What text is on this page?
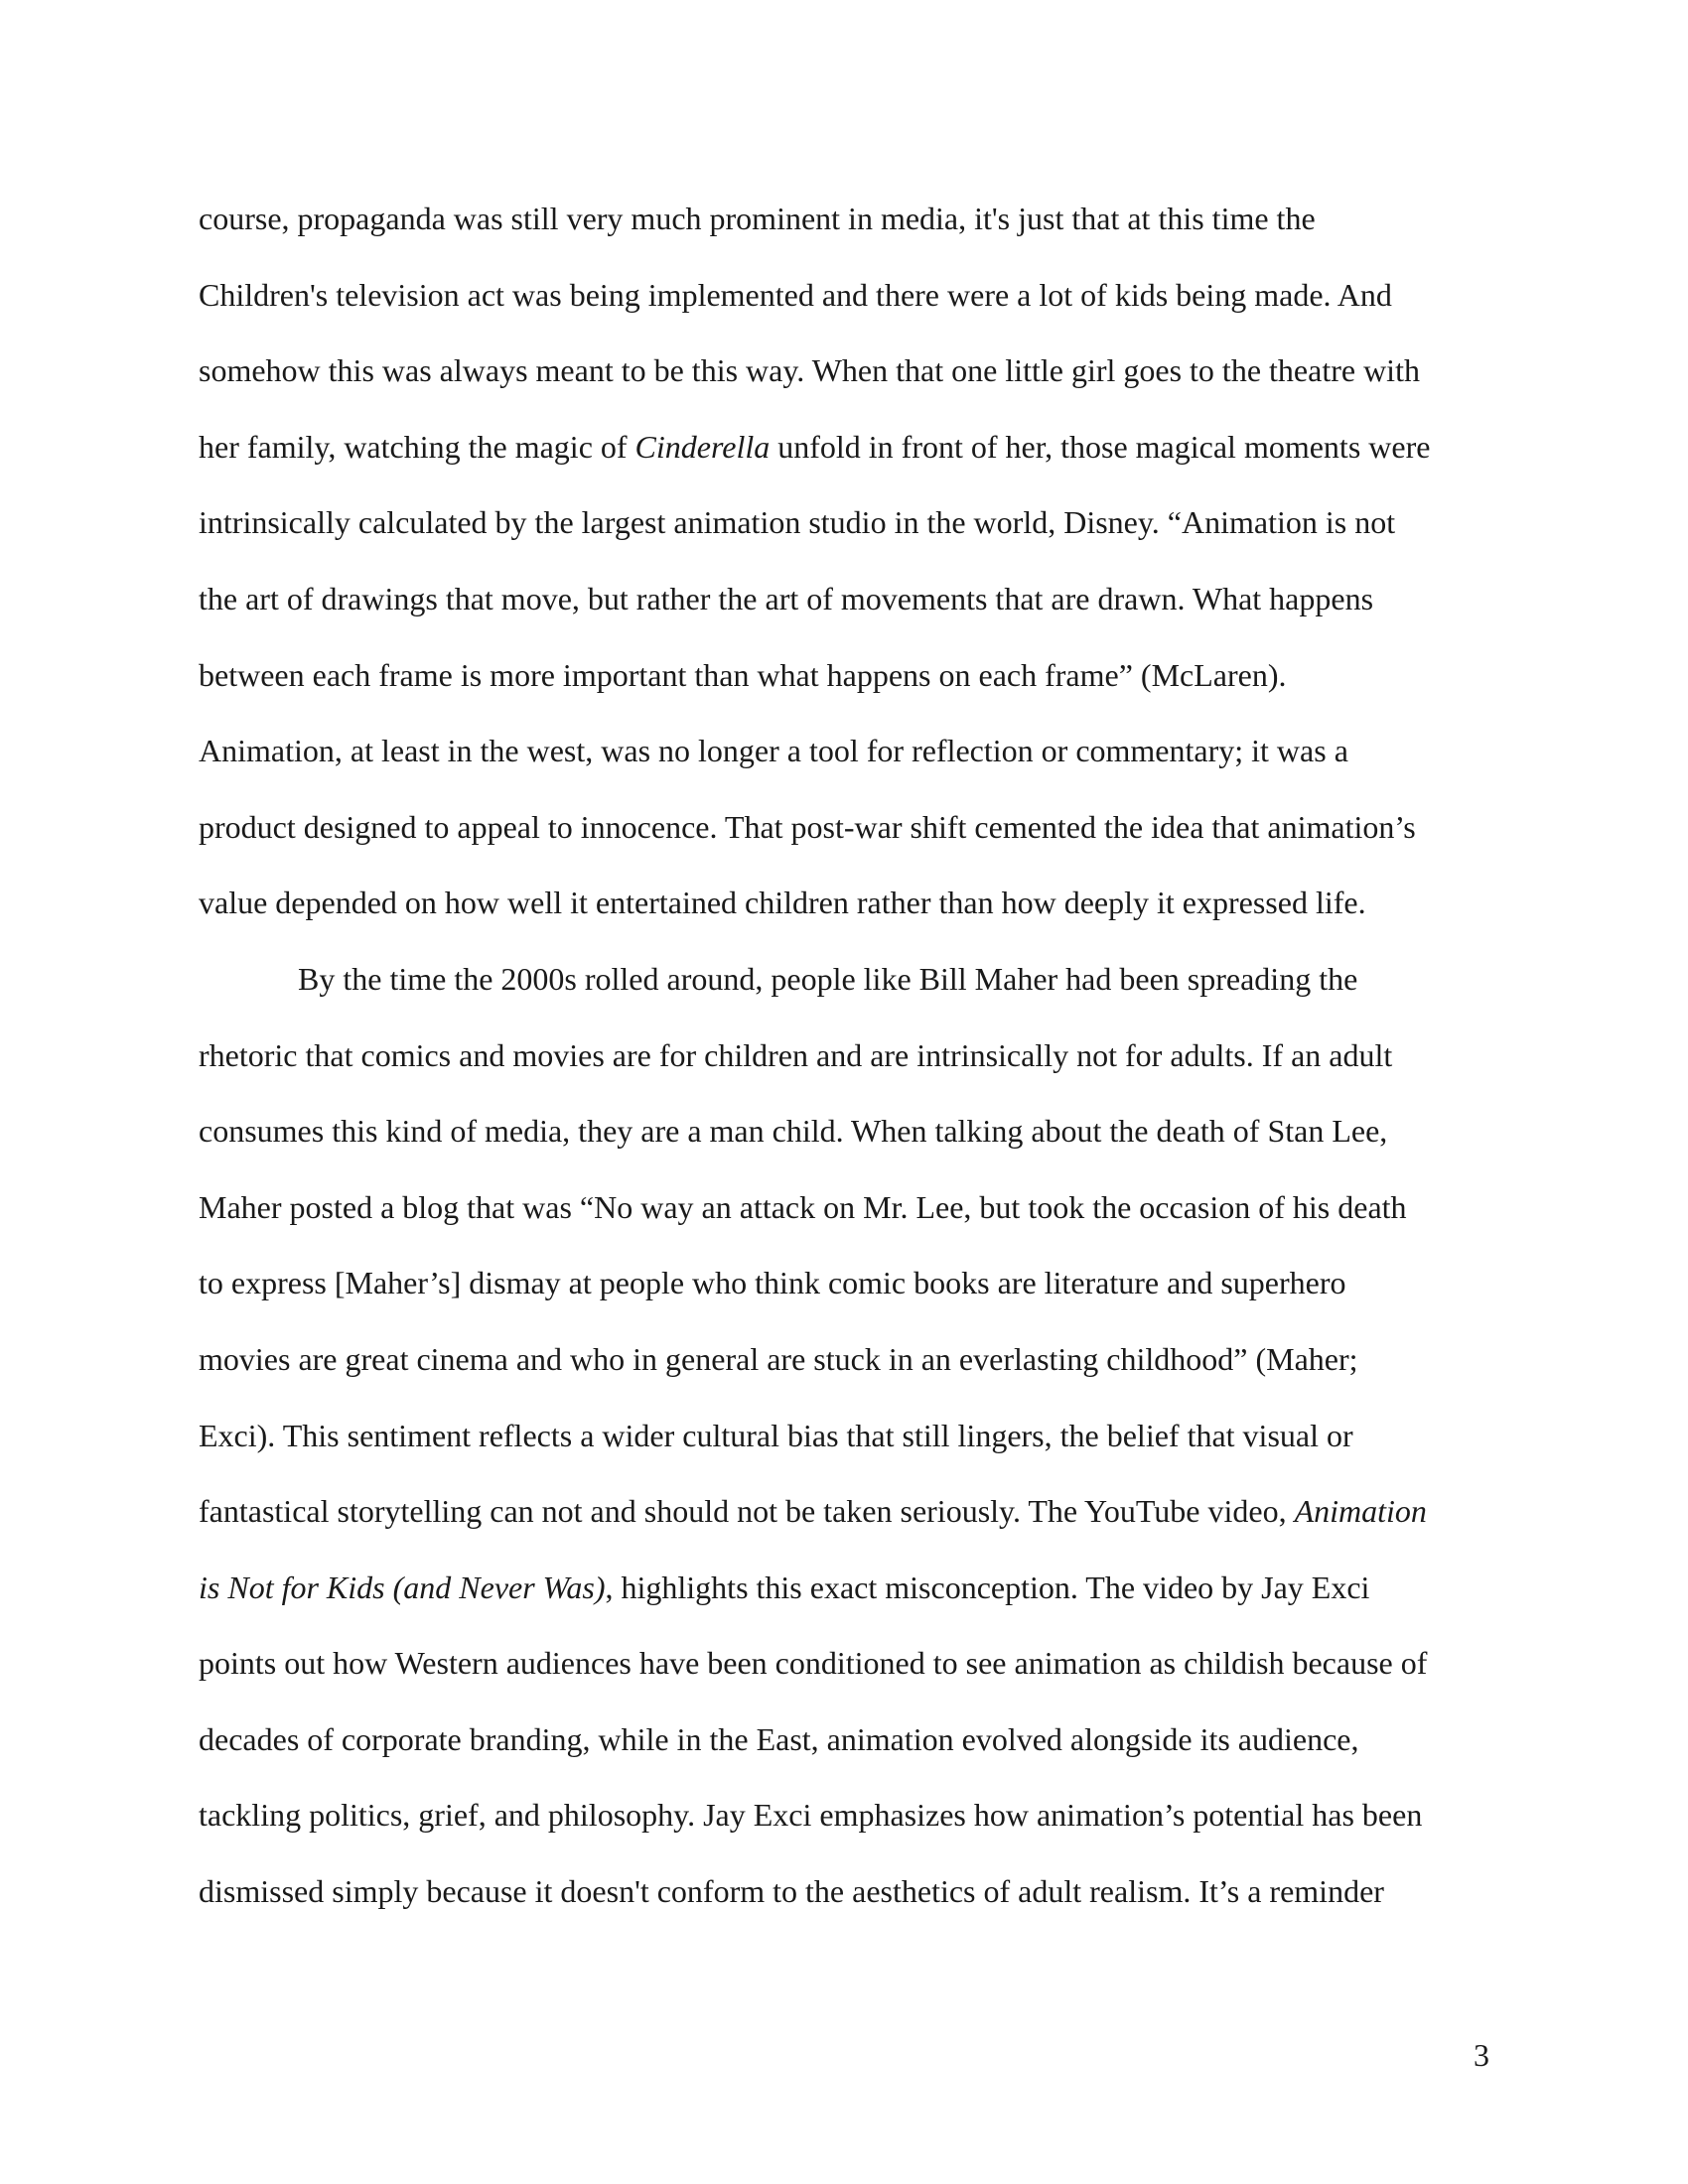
course, propaganda was still very much prominent in media, it's just that at this time the
Children's television act was being implemented and there were a lot of kids being made. And
somehow this was always meant to be this way. When that one little girl goes to the theatre with
her family, watching the magic of Cinderella unfold in front of her, those magical moments were
intrinsically calculated by the largest animation studio in the world, Disney. “Animation is not
the art of drawings that move, but rather the art of movements that are drawn. What happens
between each frame is more important than what happens on each frame” (McLaren).
Animation, at least in the west, was no longer a tool for reflection or commentary; it was a
product designed to appeal to innocence. That post-war shift cemented the idea that animation’s
value depended on how well it entertained children rather than how deeply it expressed life.
By the time the 2000s rolled around, people like Bill Maher had been spreading the
rhetoric that comics and movies are for children and are intrinsically not for adults. If an adult
consumes this kind of media, they are a man child. When talking about the death of Stan Lee,
Maher posted a blog that was “No way an attack on Mr. Lee, but took the occasion of his death
to express [Maher’s] dismay at people who think comic books are literature and superhero
movies are great cinema and who in general are stuck in an everlasting childhood” (Maher;
Exci). This sentiment reflects a wider cultural bias that still lingers, the belief that visual or
fantastical storytelling can not and should not be taken seriously. The YouTube video, Animation
is Not for Kids (and Never Was), highlights this exact misconception. The video by Jay Exci
points out how Western audiences have been conditioned to see animation as childish because of
decades of corporate branding, while in the East, animation evolved alongside its audience,
tackling politics, grief, and philosophy. Jay Exci emphasizes how animation’s potential has been
dismissed simply because it doesn't conform to the aesthetics of adult realism. It’s a reminder
3
